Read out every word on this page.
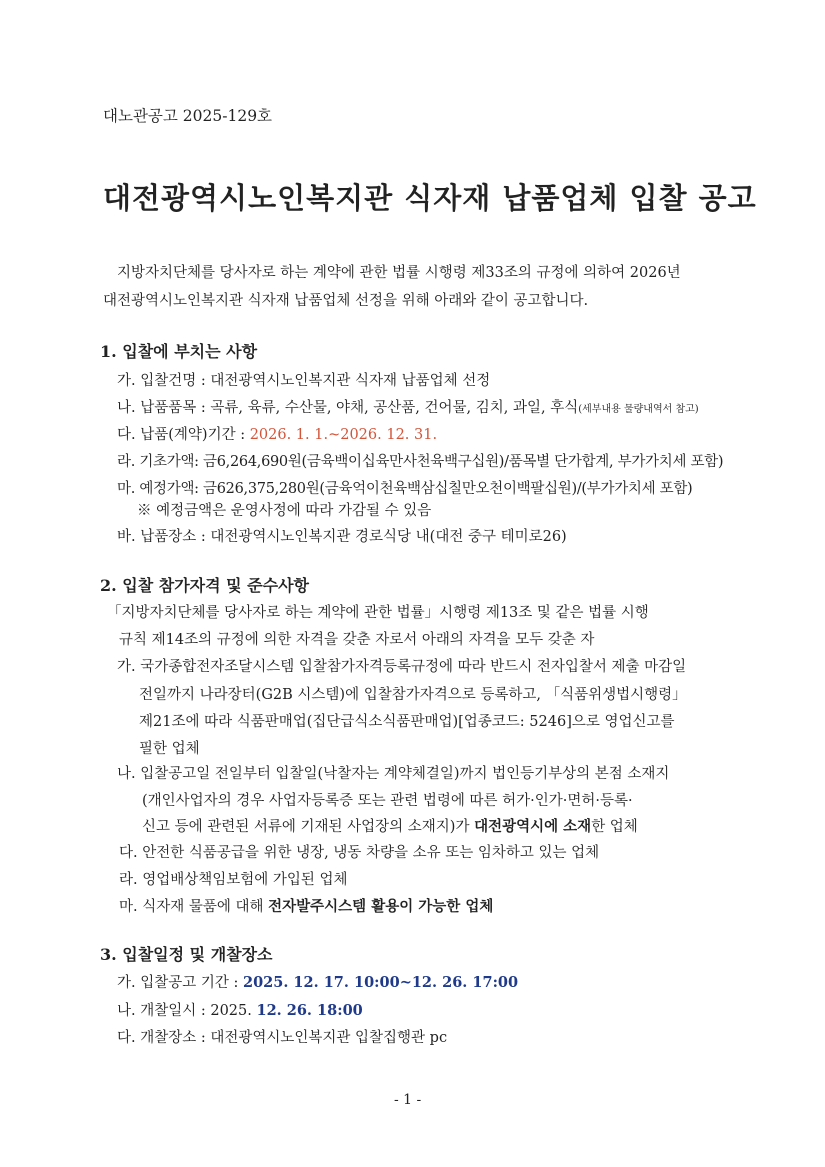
대노관공고 2025-129호
대전광역시노인복지관 식자재 납품업체 입찰 공고
지방자치단체를 당사자로 하는 계약에 관한 법률 시행령 제33조의 규정에 의하여 2026년
대전광역시노인복지관 식자재 납품업체 선정을 위해 아래와 같이 공고합니다.
1. 입찰에 부치는 사항
가. 입찰건명 : 대전광역시노인복지관 식자재 납품업체 선정
나. 납품품목 : 곡류, 육류, 수산물, 야채, 공산품, 건어물, 김치, 과일, 후식(세부내용 물량내역서 참고)
다. 납품(계약)기간 : 2026. 1. 1.~2026. 12. 31.
라. 기초가액: 금6,264,690원(금육백이십육만사천육백구십원)/품목별 단가합계, 부가가치세 포함)
마. 예정가액: 금626,375,280원(금육억이천육백삼십칠만오천이백팔십원)/(부가가치세 포함)
※ 예정금액은 운영사정에 따라 가감될 수 있음
바. 납품장소 : 대전광역시노인복지관 경로식당 내(대전 중구 테미로26)
2. 입찰 참가자격 및 준수사항
「지방자치단체를 당사자로 하는 계약에 관한 법률」시행령 제13조 및 같은 법률 시행
규칙 제14조의 규정에 의한 자격을 갖춘 자로서 아래의 자격을 모두 갖춘 자
가. 국가종합전자조달시스템 입찰참가자격등록규정에 따라 반드시 전자입찰서 제출 마감일
전일까지 나라장터(G2B 시스템)에 입찰참가자격으로 등록하고, 「식품위생법시행령」
제21조에 따라 식품판매업(집단급식소식품판매업)[업종코드: 5246]으로 영업신고를
필한 업체
나. 입찰공고일 전일부터 입찰일(낙찰자는 계약체결일)까지 법인등기부상의 본점 소재지
(개인사업자의 경우 사업자등록증 또는 관련 법령에 따른 허가·인가·면허·등록·
신고 등에 관련된 서류에 기재된 사업장의 소재지)가 대전광역시에 소재한 업체
다. 안전한 식품공급을 위한 냉장, 냉동 차량을 소유 또는 임차하고 있는 업체
라. 영업배상책임보험에 가입된 업체
마. 식자재 물품에 대해 전자발주시스템 활용이 가능한 업체
3. 입찰일정 및 개찰장소
가. 입찰공고 기간 : 2025. 12. 17. 10:00~12. 26. 17:00
나. 개찰일시 : 2025. 12. 26. 18:00
다. 개찰장소 : 대전광역시노인복지관 입찰집행관 pc
- 1 -
